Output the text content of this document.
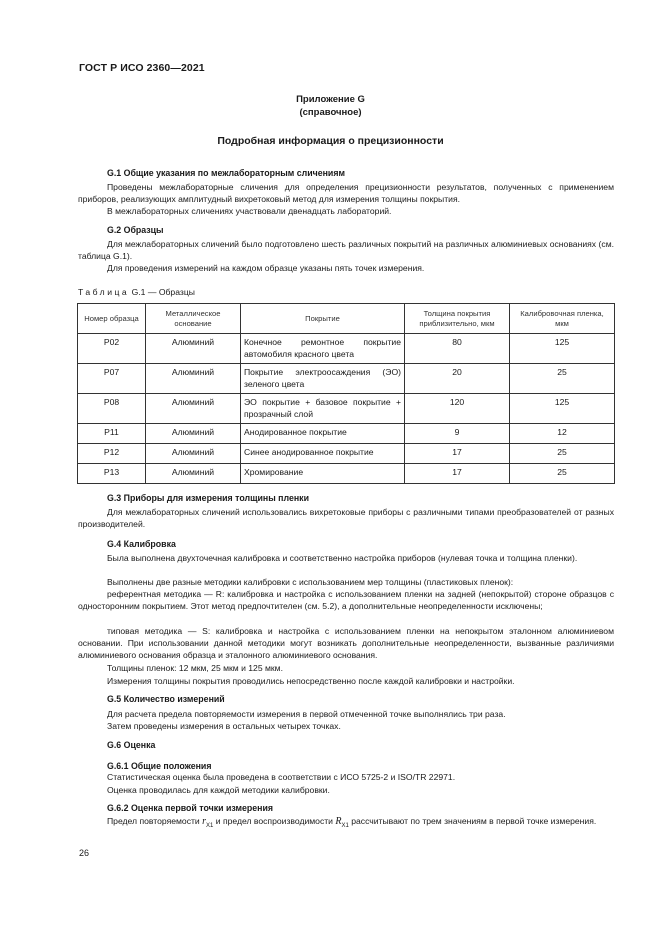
ГОСТ Р ИСО 2360—2021
Приложение G
(справочное)
Подробная информация о прецизионности
G.1 Общие указания по межлабораторным сличениям
Проведены межлабораторные сличения для определения прецизионности результатов, полученных с применением приборов, реализующих амплитудный вихретоковый метод для измерения толщины покрытия.
В межлабораторных сличениях участвовали двенадцать лабораторий.
G.2 Образцы
Для межлабораторных сличений было подготовлено шесть различных покрытий на различных алюминиевых основаниях (см. таблица G.1).
Для проведения измерений на каждом образце указаны пять точек измерения.
Таблица G.1 — Образцы
Номер образца	Металлическое основание	Покрытие	Толщина покрытия приблизительно, мкм	Калибровочная пленка, мкм
P02	Алюминий	Конечное ремонтное покрытие автомобиля красного цвета	80	125
P07	Алюминий	Покрытие электроосаждения (ЭО) зеленого цвета	20	25
P08	Алюминий	ЭО покрытие + базовое покрытие + прозрачный слой	120	125
P11	Алюминий	Анодированное покрытие	9	12
P12	Алюминий	Синее анодированное покрытие	17	25
P13	Алюминий	Хромирование	17	25
G.3 Приборы для измерения толщины пленки
Для межлабораторных сличений использовались вихретоковые приборы с различными типами преобразователей от разных производителей.
G.4 Калибровка
Была выполнена двухточечная калибровка и соответственно настройка приборов (нулевая точка и толщина пленки).
Выполнены две разные методики калибровки с использованием мер толщины (пластиковых пленок):
референтная методика — R: калибровка и настройка с использованием пленки на задней (непокрытой) стороне образцов с односторонним покрытием. Этот метод предпочтителен (см. 5.2), а дополнительные неопределенности исключены;
типовая методика — S: калибровка и настройка с использованием пленки на непокрытом эталонном алюминиевом основании. При использовании данной методики могут возникать дополнительные неопределенности, вызванные различиями алюминиевого основания образца и эталонного алюминиевого основания.
Толщины пленок: 12 мкм, 25 мкм и 125 мкм.
Измерения толщины покрытия проводились непосредственно после каждой калибровки и настройки.
G.5 Количество измерений
Для расчета предела повторяемости измерения в первой отмеченной точке выполнялись три раза.
Затем проведены измерения в остальных четырех точках.
G.6 Оценка
G.6.1 Общие положения
Статистическая оценка была проведена в соответствии с ИСО 5725-2 и ISO/TR 22971.
Оценка проводилась для каждой методики калибровки.
G.6.2 Оценка первой точки измерения
Предел повторяемости $r_{X1}$ и предел воспроизводимости $R_{X1}$ рассчитывают по трем значениям в первой точке измерения.
26
